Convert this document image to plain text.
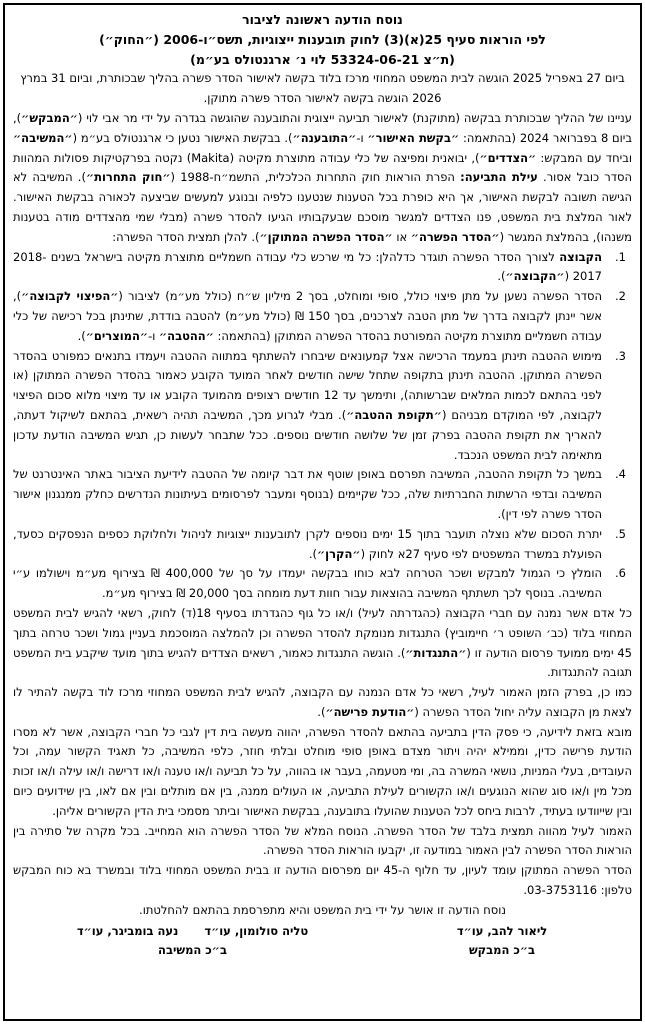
נוסח הודעה ראשונה לציבור
לפי הוראות סעיף 25(א)(3) לחוק תובענות ייצוגיות, תשס״ו-2006 (״החוק״)
(ת״צ 53324-06-21 לוי נ׳ ארגנטולס בע״מ)
ביום 27 באפריל 2025 הוגשה לבית המשפט המחוזי מרכז בלוד בקשה לאישור הסדר פשרה בהליך שבכותרת, וביום 31 במרץ 2026 הוגשה בקשה לאישור הסדר פשרה מתוקן.
עניינו של ההליך שבכותרת בבקשה (מתוקנת) לאישור תביעה ייצוגית והתובענה שהוגשה בגדרה על ידי מר אבי לוי (״המבקש״), ביום 8 בפברואר 2024 (בהתאמה: ״בקשת האישור״ ו-״התובענה״). בבקשת האישור נטען כי ארגנטולס בע״מ (״המשיבה״ וביחד עם המבקש: ״הצדדים״), יבואנית ומפיצה של כלי עבודה מתוצרת מקיטה (Makita) נקטה בפרקטיקות פסולות המהוות הסדר כובל אסור. עילת התביעה: הפרת הוראות חוק התחרות הכלכלית, התשמ״ח-1988 (״חוק התחרות״). המשיבה לא הגישה תשובה לבקשת האישור, אך היא כופרת בכל הטענות שנטענו כלפיה ובנוגע למעשים שביצעה לכאורה בבקשת האישור. לאור המלצת בית המשפט, פנו הצדדים למגשר מוסכם שבעקבותיו הגיעו להסדר פשרה (מבלי שמי מהצדדים מודה בטענות משנהו), בהמלצת המגשר (״הסדר הפשרה״ או ״הסדר הפשרה המתוקן״). להלן תמצית הסדר הפשרה:
1.
הקבוצה לצורך הסדר הפשרה תוגדר כדלהלן: כל מי שרכש כלי עבודה חשמליים מתוצרת מקיטה בישראל בשנים 2018-2017 (״הקבוצה״).
2.
הסדר הפשרה נשען על מתן פיצוי כולל, סופי ומוחלט, בסך 2 מיליון ש״ח (כולל מע״מ) לציבור (״הפיצוי לקבוצה״), אשר יינתן לקבוצה בדרך של מתן הטבה לצרכנים, בסך 150 ₪ (כולל מע״מ) להטבה בודדת, שתינתן בכל רכישה של כלי עבודה חשמליים מתוצרת מקיטה המפורטת בהסדר הפשרה המתוקן (בהתאמה: ״ההטבה״ ו-״המוצרים״).
3.
מימוש ההטבה תינתן במעמד הרכישה אצל קמעונאים שיבחרו להשתתף במתווה ההטבה ויעמדו בתנאים כמפורט בהסדר הפשרה המתוקן. ההטבה תינתן בתקופה שתחל שישה חודשים לאחר המועד הקובע כאמור בהסדר הפשרה המתוקן (או לפני בהתאם לכמות המלאים שברשותה), ותימשך עד 12 חודשים רצופים מהמועד הקובע או עד מיצוי מלוא סכום הפיצוי לקבוצה, לפי המוקדם מבניהם (״תקופת ההטבה״). מבלי לגרוע מכך, המשיבה תהיה רשאית, בהתאם לשיקול דעתה, להאריך את תקופת ההטבה בפרק זמן של שלושה חודשים נוספים. ככל שתבחר לעשות כן, תגיש המשיבה הודעת עדכון מתאימה לבית המשפט הנכבד.
4.
במשך כל תקופת ההטבה, המשיבה תפרסם באופן שוטף את דבר קיומה של ההטבה לידיעת הציבור באתר האינטרנט של המשיבה ובדפי הרשתות החברתיות שלה, ככל שקיימים (בנוסף ומעבר לפרסומים בעיתונות הנדרשים כחלק ממנגנון אישור הסדר פשרה לפי דין).
5.
יתרת הסכום שלא נוצלה תועבר בתוך 15 ימים נוספים לקרן לתובענות ייצוגיות לניהול ולחלוקת כספים הנפסקים כסעד, הפועלת במשרד המשפטים לפי סעיף 27א לחוק (״הקרן״).
6.
הומלץ כי הגמול למבקש ושכר הטרחה לבא כוחו בבקשה יעמדו על סך של 400,000 ₪ בצירוף מע״מ וישולמו ע״י המשיבה. בנוסף לכך תשתתף המשיבה בהוצאות עבור חוות דעת מומחה בסך 20,000 ₪ בצירוף מע״מ.
כל אדם אשר נמנה עם חברי הקבוצה (כהגדרתה לעיל) ו/או כל גוף כהגדרתו בסעיף 18(ד) לחוק, רשאי להגיש לבית המשפט המחוזי בלוד (כב׳ השופט ר׳ חיימוביץ) התנגדות מנומקת להסדר הפשרה וכן להמלצה המוסכמת בעניין גמול ושכר טרחה בתוך 45 ימים ממועד פרסום הודעה זו (״התנגדות״). הוגשה התנגדות כאמור, רשאים הצדדים להגיש בתוך מועד שיקבע בית המשפט תגובה להתנגדות.
כמו כן, בפרק הזמן האמור לעיל, רשאי כל אדם הנמנה עם הקבוצה, להגיש לבית המשפט המחוזי מרכז לוד בקשה להתיר לו לצאת מן הקבוצה עליה יחול הסדר הפשרה (״הודעת פרישה״).
מובא בזאת לידיעה, כי פסק הדין בתביעה בהתאם להסדר הפשרה, יהווה מעשה בית דין לגבי כל חברי הקבוצה, אשר לא מסרו הודעת פרישה כדין, וממילא יהיה ויתור מצדם באופן סופי מוחלט ובלתי חוזר, כלפי המשיבה, כל תאגיד הקשור עמה, וכל העובדים, בעלי המניות, נושאי המשרה בה, ומי מטעמה, בעבר או בהווה, על כל תביעה ו/או טענה ו/או דרישה ו/או עילה ו/או זכות מכל מין ו/או סוג שהוא הנוגעים ו/או הקשורים לעילת התביעה, או העולים ממנה, בין אם מותלים ובין אם לאו, בין שידועים כיום ובין שייוודעו בעתיד, לרבות ביחס לכל הטענות שהועלו בתובענה, בבקשת האישור וביתר מסמכי בית הדין הקשורים אליהן.
האמור לעיל מהווה תמצית בלבד של הסדר הפשרה. הנוסח המלא של הסדר הפשרה הוא המחייב. בכל מקרה של סתירה בין הוראות הסדר הפשרה לבין האמור במודעה זו, יקבעו הוראות הסדר הפשרה.
הסדר הפשרה המתוקן עומד לעיון, עד חלוף ה-45 יום מפרסום הודעה זו בבית המשפט המחוזי בלוד ובמשרד בא כוח המבקש טלפון: 03-3753116.
נוסח הודעה זו אושר על ידי בית המשפט והיא מתפרסמת בהתאם להחלטתו.
ליאור להב, עו״ד
ב״כ המבקש
טליה סולומון, עו״ד
נעה בומביגר, עו״ד
ב״כ המשיבה
